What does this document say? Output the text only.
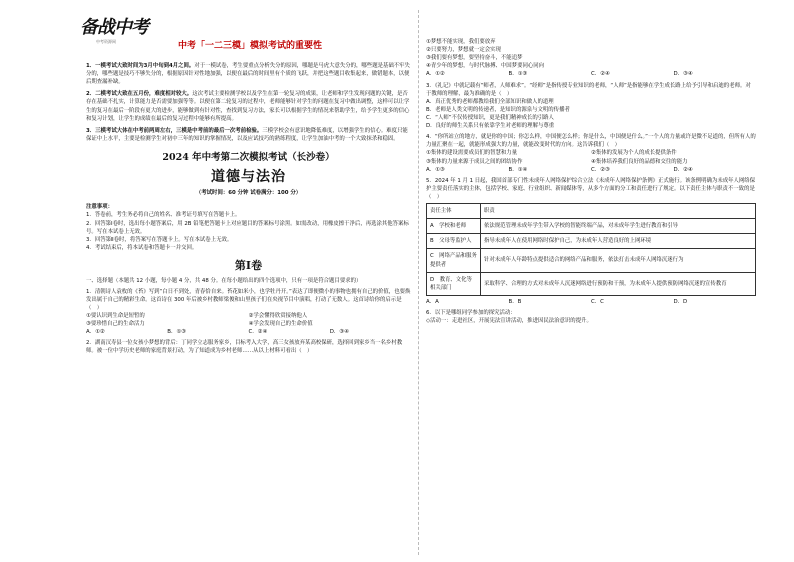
备战中考
中考资源网	中考「一二三模」模拟考试的重要性

1．一模考试大致时间为3月中旬到4月之间。对于一模试卷，考生要重点分析失分的原因，哪题是马虎大意失分的，哪些题是基础不牢失分的，哪些题是技巧不够失分的，根据原因针对性地加强，以便在最后的时间里有个质的飞跃，并把这些题目收集起来，做错题本，以便后期查漏补缺。

2．二模考试大致在五月份，难度相对较大。这次考试主要检测学校以及学生在第一轮复习的成果，让老师和学生发现问题的关键，是否存在基础不扎实，计算能力是否需要加强等等。以便在第二轮复习的过程中，老师能够针对学生的问题在复习中做出调整，这样可以让学生的复习在最后一阶段有更大的进步，能够做到有针对性，查找到复习方法，家长可以根据学生的情况来帮助学生，给予学生更多的信心和复习计划，让学生的成绩在最后的复习过程中能够有所提高。

3．三模考试大体在中考前两周左右，三模是中考前的最后一次考前检验。三模学校会有意识地降低难度，以增强学生的信心。难度只能保证中上水平，主要是检测学生对初中三年的知识的掌握情况，以及应试技巧的熟练程度，让学生加油中考的一个大致抹杀和稳固。

2024 年中考第二次模拟考试（长沙卷）
道德与法治
（考试时间：60 分钟 试卷满分：100 分）

注意事项：

1．答卷前，考生务必将自己的姓名、准考证号填写在答题卡上。

2．回答第Ⅰ卷时，选出每小题答案后，用 2B 铅笔把答题卡上对应题目的答案标号涂黑。如需改动，用橡皮擦干净后，再选涂其他答案标号。写在本试卷上无效。

3．回答第Ⅱ卷时，将答案写在答题卡上。写在本试卷上无效。

4．考试结束后，将本试卷和答题卡一并交回。

第Ⅰ卷

一、选择题（本题共 12 小题，每小题 4 分，共 48 分。在每小题给出的四个选项中，只有一项是符合题目要求的）

1．清朝诗人袁枚的《苔》写到“白日不到处，青春恰自来。苔花如米小，也学牡丹开。”表达了即便微小的事物也拥有自己的价值，也要焕发出属于自己的精彩生命。这首诗在 300 年后被乡村教师梁俊和山里孩子们在央视节目中演唱，打动了无数人。这首诗给你的启示是（　）

①要认识到生命是短暂的	②学会懂得欣赏接纳他人
③要珍惜自己的生命活力	④学会发现自己的生命价值
A．①②	B．①③	C．②④	D．③④

2．湖南汉寿县一位女孩小梦想的背后：丁同学立志服务家乡，目标考入大学，高三女孩放弃某高校保研，选择回到家乡当一名乡村教师。被一位中学历史老师的家庭背景打动，为了知道成为乡村老师……从以上材料可看出（　）

①梦想不能实现，我们要放弃

②只要努力，梦想就一定会实现

③我们要有梦想，要坚持奋斗，不能追梦

④青少年的梦想，与时代脉搏、中国梦要同心同向

A．①②	B．①③	C．②④	D．③④

3．《礼记》中就记载有“师者，人师难求”。“经师”是指传授专业知识的老师，“人师”是指能够在学生成长路上给予引导和启迪的老师。对于教师的理解，最为准确的是（　）

A．真正优秀的老师都教给我们全部知识和做人的道理

B．老师是人类文明的传递者，是知识的源泉与文明的传播者

C．“人师”不仅传授知识，更是我们精神成长的引路人

D．良好的师生关系只有依靠学生对老师的理解与尊重

4．“你所站立的地方，就是你的中国；你怎么样，中国便怎么样；你是什么，中国便是什么。”一个人的力量或许是微不足道的，但所有人的力量汇聚在一起，就能形成强大的力量，就能改变时代的方向。这告诉我们（　）

①集体的建设需要成员们的智慧和力量	②集体的发展为个人的成长提供条件
③集体的力量来源于成员之间的团结协作	④集体培养我们良好的品德和交往的能力
A．①③	B．①④	C．②③	D．②④

5．2024 年 1 月 1 日起，我国首部专门性未成年人网络保护综合立法《未成年人网络保护条例》正式施行。该条例明确为未成年人网络保护主要责任落实的主体，包括学校、家庭、行业组织、新闻媒体等，从多个方面的分工和责任进行了规定。以下责任主体与职责不一致的是（　）

责任主体	职责
A　 学校和老师	依法规范管理未成年学生带入学校的智能终端产品，对未成年学生进行教育和引导
B　 父母等监护人	指导未成年人在使用网络时保护自己，为未成年人营造良好的上网环境
C　 网络产品和服务提供者	针对未成年人年龄特点提供适合的网络产品和服务，依法打击未成年人网络沉迷行为
D　 教育、文化等相关部门	采取科学、合理的方式对未成年人沉迷网络进行预防和干预，为未成年人提供预防网络沉迷的宣传教育
A．A	B．B	C．C	D．D

6．以下是哪组同学参加的探究活动：

◇活动一：走进社区，开展宪法宣讲活动，推进因民法治意识的提升。
